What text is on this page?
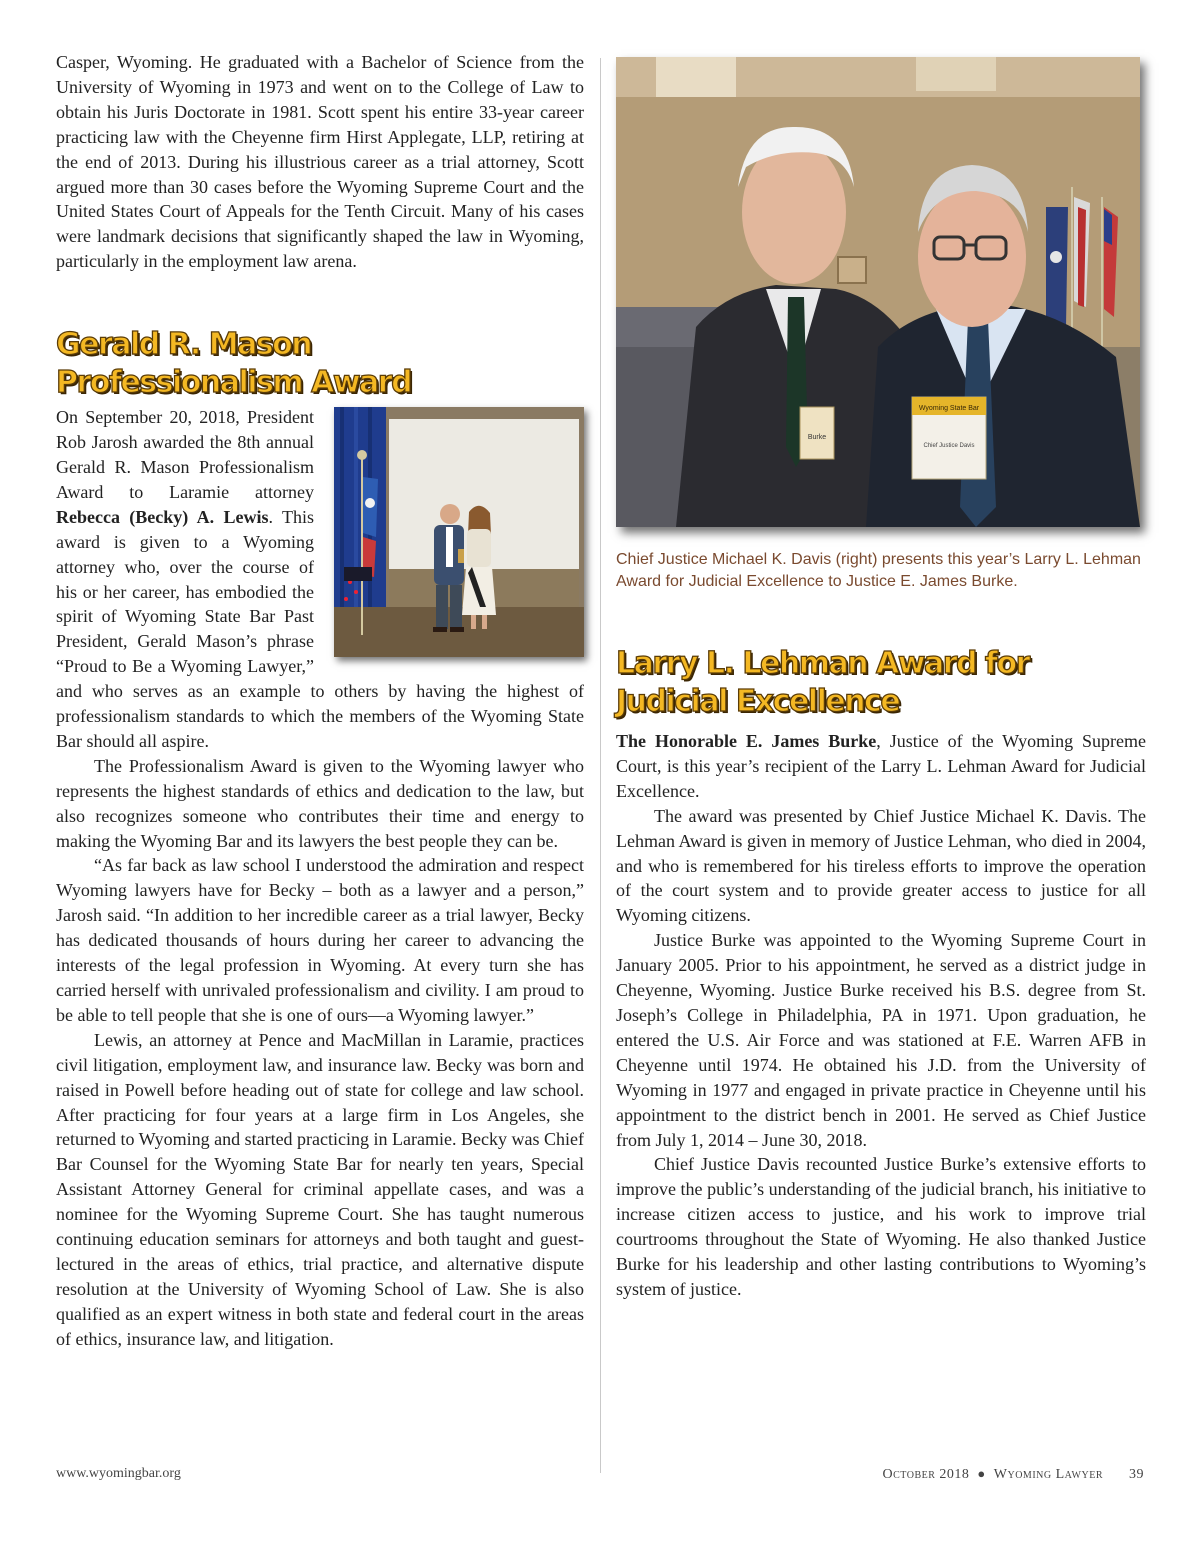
Casper, Wyoming. He graduated with a Bachelor of Science from the University of Wyoming in 1973 and went on to the College of Law to obtain his Juris Doctorate in 1981. Scott spent his entire 33-year career practicing law with the Cheyenne firm Hirst Applegate, LLP, retiring at the end of 2013. During his illustrious career as a trial attorney, Scott argued more than 30 cases before the Wyoming Supreme Court and the United States Court of Appeals for the Tenth Circuit. Many of his cases were landmark decisions that significantly shaped the law in Wyoming, particularly in the employment law arena.

Gerald R. Mason
Professionalism Award

On September 20, 2018, President Rob Jarosh awarded the 8th annual Gerald R. Mason Professionalism Award to Laramie attorney Rebecca (Becky) A. Lewis. This award is given to a Wyoming attorney who, over the course of his or her career, has embodied the spirit of Wyoming State Bar Past President, Gerald Mason’s phrase “Proud to Be a Wyoming Lawyer,” and who serves as an example to others by having the highest of professionalism standards to which the members of the Wyoming State Bar should all aspire.

The Professionalism Award is given to the Wyoming lawyer who represents the highest standards of ethics and dedication to the law, but also recognizes someone who contributes their time and energy to making the Wyoming Bar and its lawyers the best people they can be.

“As far back as law school I understood the admiration and respect Wyoming lawyers have for Becky – both as a lawyer and a person,” Jarosh said. “In addition to her incredible career as a trial lawyer, Becky has dedicated thousands of hours during her career to advancing the interests of the legal profession in Wyoming. At every turn she has carried herself with unrivaled professionalism and civility. I am proud to be able to tell people that she is one of ours—a Wyoming lawyer.”

Lewis, an attorney at Pence and MacMillan in Laramie, practices civil litigation, employment law, and insurance law. Becky was born and raised in Powell before heading out of state for college and law school. After practicing for four years at a large firm in Los Angeles, she returned to Wyoming and started practicing in Laramie. Becky was Chief Bar Counsel for the Wyoming State Bar for nearly ten years, Special Assistant Attorney General for criminal appellate cases, and was a nominee for the Wyoming Supreme Court. She has taught numerous continuing education seminars for attorneys and both taught and guest-lectured in the areas of ethics, trial practice, and alternative dispute resolution at the University of Wyoming School of Law. She is also qualified as an expert witness in both state and federal court in the areas of ethics, insurance law, and litigation.

Burke
Wyoming State Bar
Chief Justice Davis

Chief Justice Michael K. Davis (right) presents this year’s Larry L. Lehman Award for Judicial Excellence to Justice E. James Burke.

Larry L. Lehman Award for
Judicial Excellence

The Honorable E. James Burke, Justice of the Wyoming Supreme Court, is this year’s recipient of the Larry L. Lehman Award for Judicial Excellence.

The award was presented by Chief Justice Michael K. Davis. The Lehman Award is given in memory of Justice Lehman, who died in 2004, and who is remembered for his tireless efforts to improve the operation of the court system and to provide greater access to justice for all Wyoming citizens.

Justice Burke was appointed to the Wyoming Supreme Court in January 2005. Prior to his appointment, he served as a district judge in Cheyenne, Wyoming. Justice Burke received his B.S. degree from St. Joseph’s College in Philadelphia, PA in 1971. Upon graduation, he entered the U.S. Air Force and was stationed at F.E. Warren AFB in Cheyenne until 1974. He obtained his J.D. from the University of Wyoming in 1977 and engaged in private practice in Cheyenne until his appointment to the district bench in 2001. He served as Chief Justice from July 1, 2014 – June 30, 2018.

Chief Justice Davis recounted Justice Burke’s extensive efforts to improve the public’s understanding of the judicial branch, his initiative to increase citizen access to justice, and his work to improve trial courtrooms throughout the State of Wyoming. He also thanked Justice Burke for his leadership and other lasting contributions to Wyoming’s system of justice.

www.wyomingbar.org	October 2018 ● Wyoming Lawyer 39
